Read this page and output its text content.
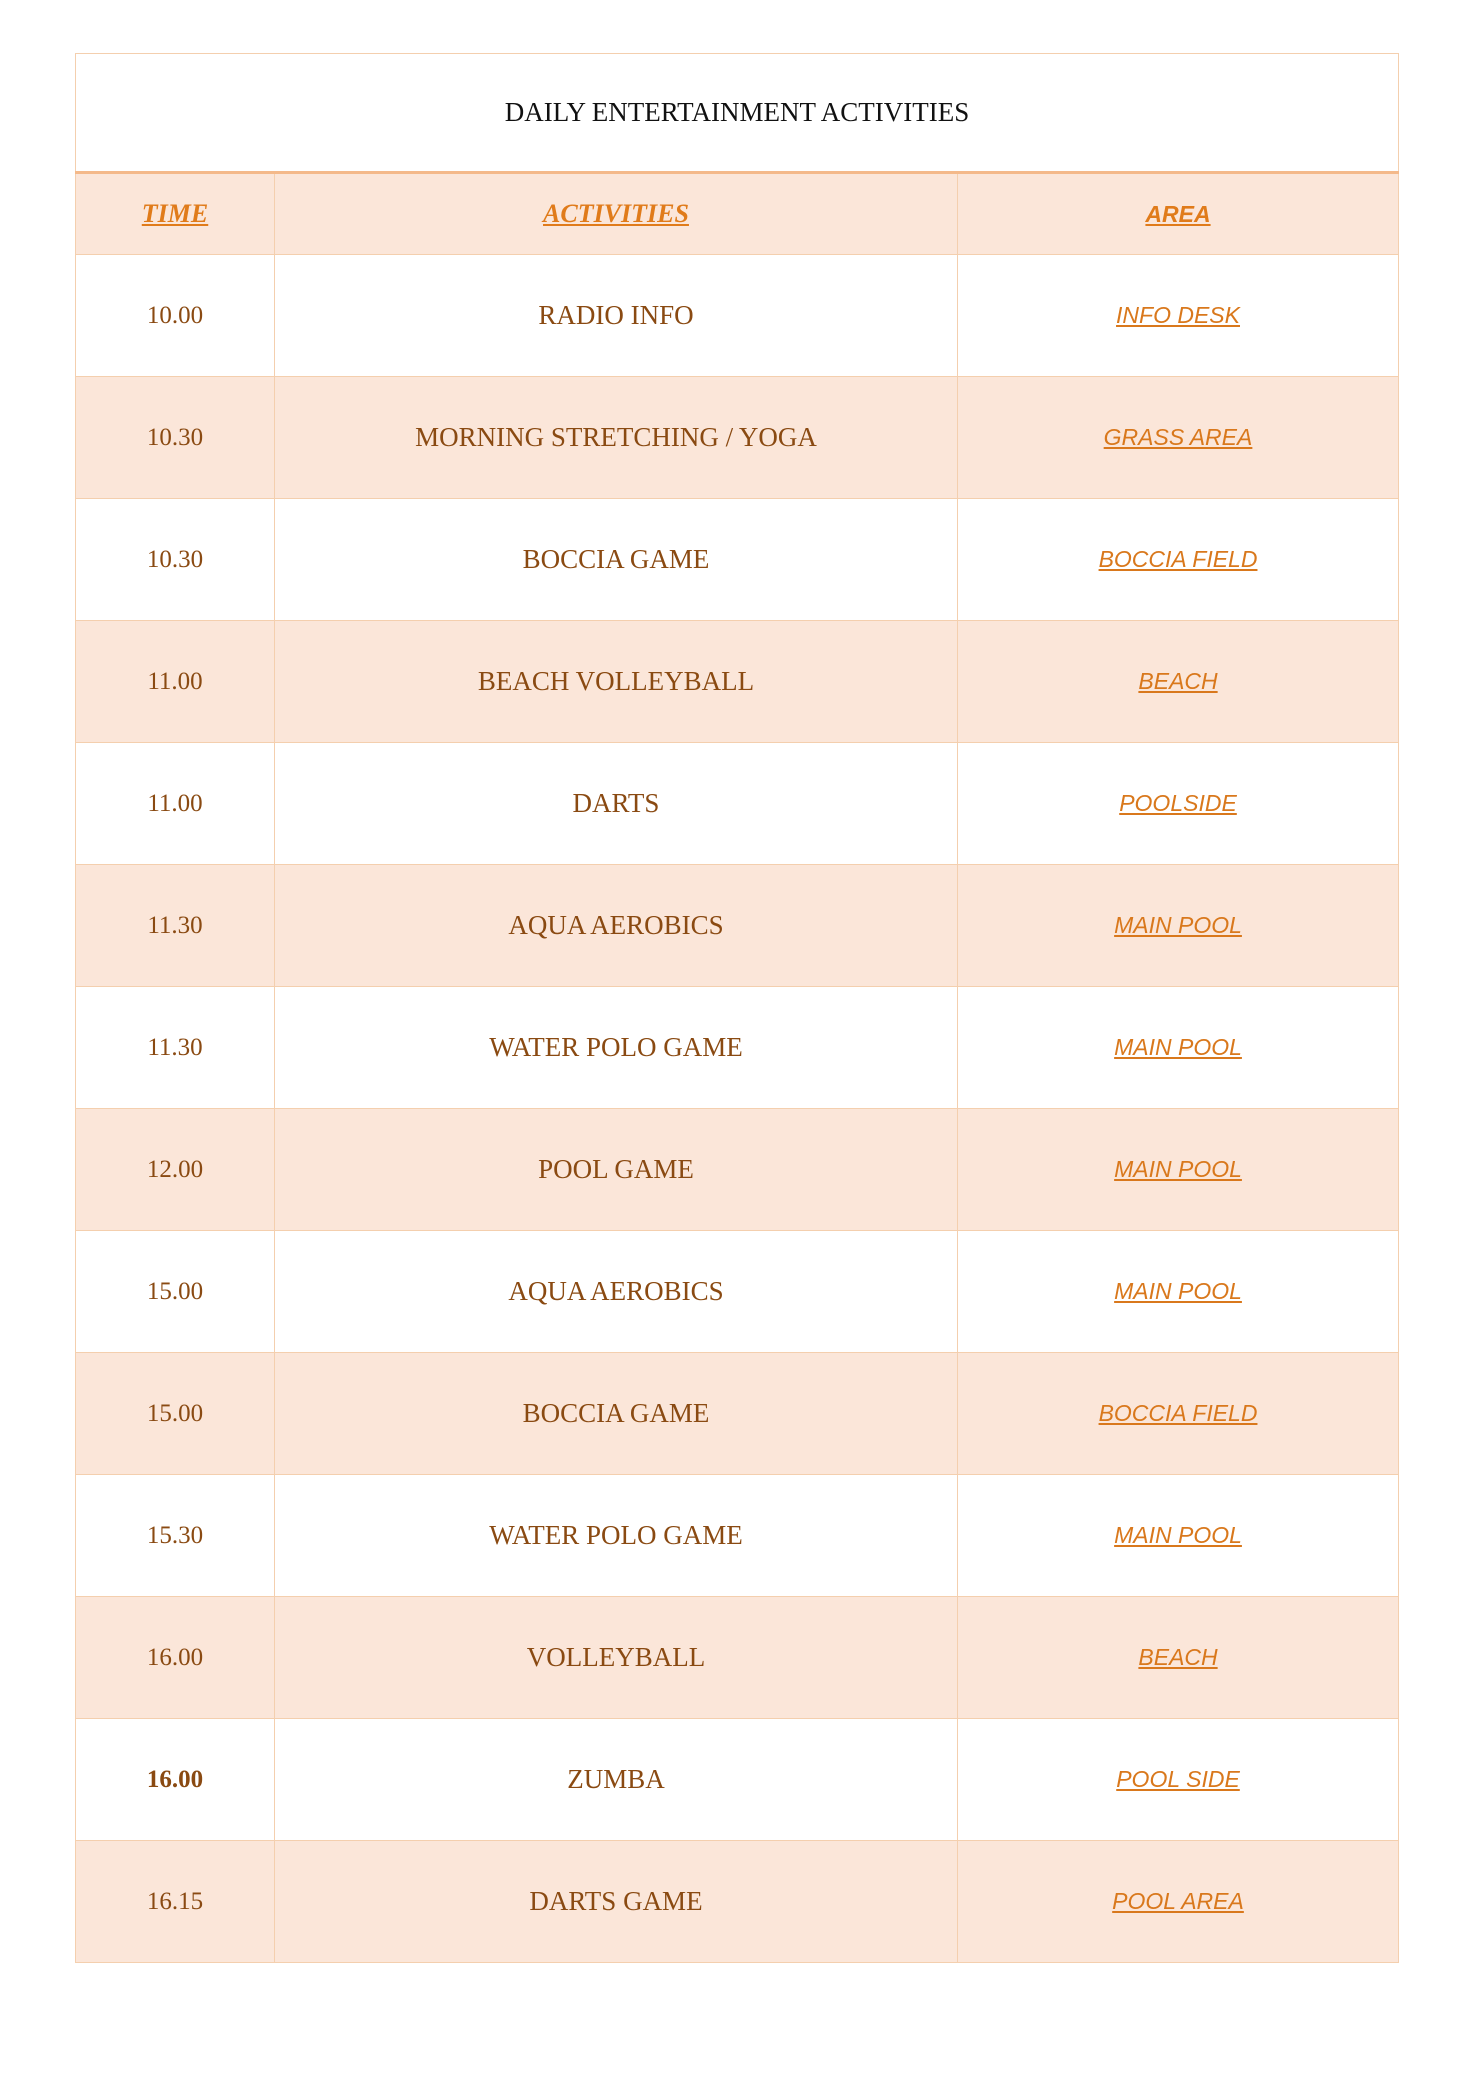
DAILY ENTERTAINMENT ACTIVITIES		
TIME	ACTIVITIES	AREA
10.00	RADIO INFO	INFO DESK
10.30	MORNING STRETCHING / YOGA	GRASS AREA
10.30	BOCCIA GAME	BOCCIA FIELD
11.00	BEACH VOLLEYBALL	BEACH
11.00	DARTS	POOLSIDE
11.30	AQUA AEROBICS	MAIN POOL
11.30	WATER POLO GAME	MAIN POOL
12.00	POOL GAME	MAIN POOL
15.00	AQUA AEROBICS	MAIN POOL
15.00	BOCCIA GAME	BOCCIA FIELD
15.30	WATER POLO GAME	MAIN POOL
16.00	VOLLEYBALL	BEACH
16.00	ZUMBA	POOL SIDE
16.15	DARTS GAME	POOL AREA
